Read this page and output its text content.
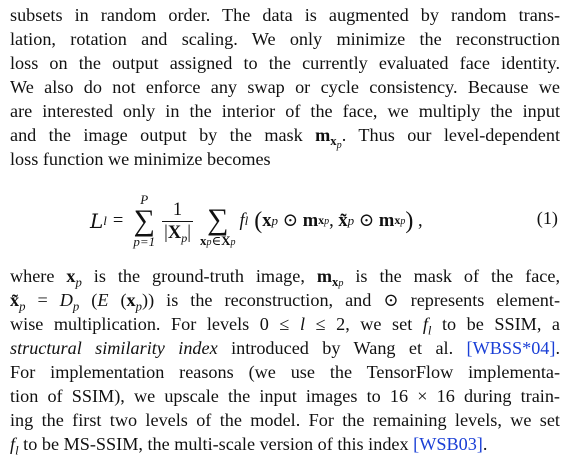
subsets in random order. The data is augmented by random trans-
lation, rotation and scaling. We only minimize the reconstruction
loss on the output assigned to the currently evaluated face identity.
We also do not enforce any swap or cycle consistency. Because we
are interested only in the interior of the face, we multiply the input
and the image output by the mask $m_{x_p}$. Thus our level-dependent
loss function we minimize becomes
L l =
P
∑
$p=1 \frac{1}{|X_p|}$
∑
xp∈Xp
f l ( x p ⊙ m xp , x̃ p ⊙ m xp ) ,	(1)
where $x_p$ is the ground-truth image, $m_{xp}$ is the mask of the face,
$x̃_p = D_p$ (E $(x_p)$) is the reconstruction, and ⊙ represents element-
wise multiplication. For levels 0 ≤ l ≤ 2, we set $f_l$ to be SSIM, a
structural similarity index introduced by Wang et al. [WBSS*04].
For implementation reasons (we use the TensorFlow implementa-
tion of SSIM), we upscale the input images to 16 × 16 during train-
ing the first two levels of the model. For the remaining levels, we set
$f_l$ to be MS-SSIM, the multi-scale version of this index [WSB03].
